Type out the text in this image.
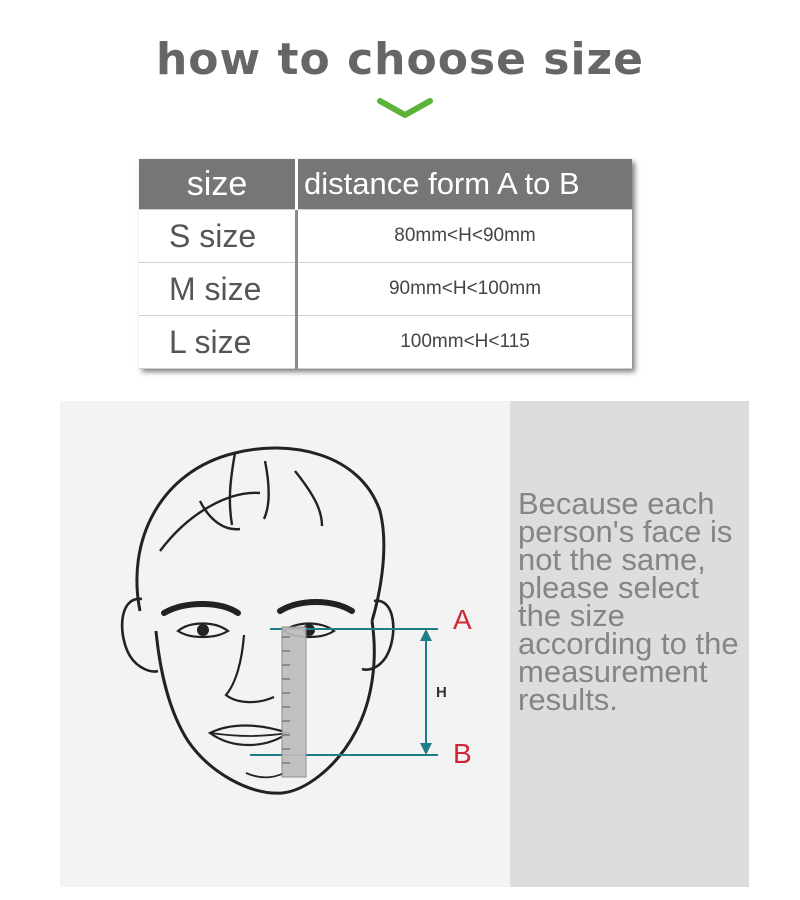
how to choose size
size	distance form A to B
S size	80mm<H<90mm
M size	90mm<H<100mm
L size	100mm<H<115
A
B
H
Because each person's face is not the same, please select the size according to the measurement results.
